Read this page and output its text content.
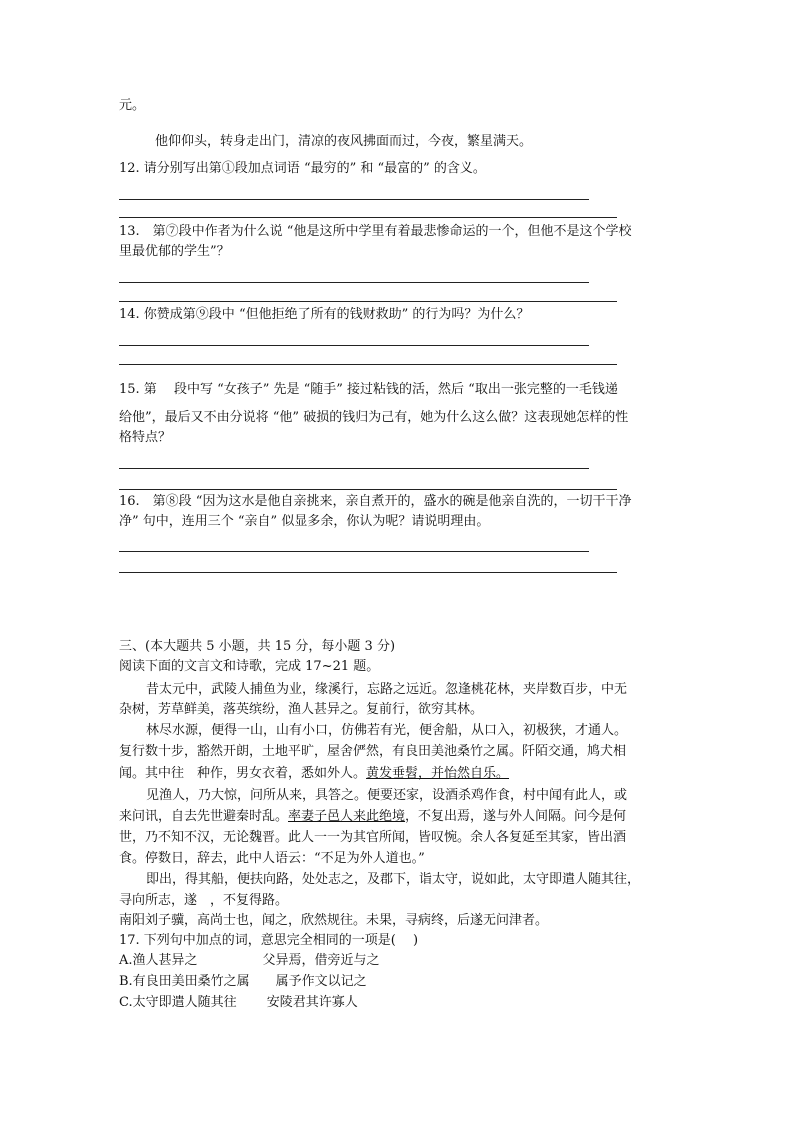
元。

他仰仰头，转身走出门，清凉的夜风拂面而过，今夜，繁星满天。

12. 请分别写出第①段加点词语 “最穷的” 和 “最富的” 的含义。

13.　第⑦段中作者为什么说 “他是这所中学里有着最悲惨命运的一个，但他不是这个学校

里最优郁的学生”？

14. 你赞成第⑨段中 “但他拒绝了所有的钱财救助” 的行为吗？为什么？

15. 第　 段中写 “女孩子” 先是 “随手” 接过粘钱的活，然后 “取出一张完整的一毛钱递

给他”，最后又不由分说将 “他” 破损的钱归为己有，她为什么这么做？这表现她怎样的性

格特点？

16.　第⑧段 “因为这水是他自亲挑来，亲自煮开的，盛水的碗是他亲自洗的，一切干干净

净” 句中，连用三个 “亲自” 似显多余，你认为呢？请说明理由。

三、(本大题共 5 小题，共 15 分，每小题 3 分)

阅读下面的文言文和诗歌，完成 17~21 题。

昔太元中，武陵人捕鱼为业，缘溪行，忘路之远近。忽逢桃花林，夹岸数百步，中无

杂树，芳草鲜美，落英缤纷，渔人甚异之。复前行，欲穷其林。

林尽水源，便得一山，山有小口，仿佛若有光，便舍船，从口入，初极狭，才通人。

复行数十步，豁然开朗，土地平旷，屋舍俨然，有良田美池桑竹之属。阡陌交通，鸠犬相

闻。其中往　种作，男女衣着，悉如外人。黄发垂髫，并怡然自乐。

见渔人，乃大惊，问所从来，具答之。便要还家，设酒杀鸡作食，村中闻有此人，或

来问讯，自去先世避秦时乱。率妻子邑人来此绝境，不复出焉，遂与外人间隔。问今是何

世，乃不知不汉，无论魏晋。此人一一为其官所闻，皆叹惋。余人各复延至其家，皆出酒

食。停数日，辞去，此中人语云：“不足为外人道也。”

即出，得其船，便扶向路，处处志之，及郡下，诣太守，说如此，太守即遣人随其往，

寻向所志，遂　，不复得路。

南阳刘子骥，高尚士也，闻之，欣然规往。未果，寻病终，后遂无问津者。

17. 下列句中加点的词，意思完全相同的一项是(　 )

A.渔人甚异之　　　　　父异焉，借旁近与之

B.有良田美田桑竹之属　　属予作文以记之

C.太守即遣人随其往　　 安陵君其许寡人
